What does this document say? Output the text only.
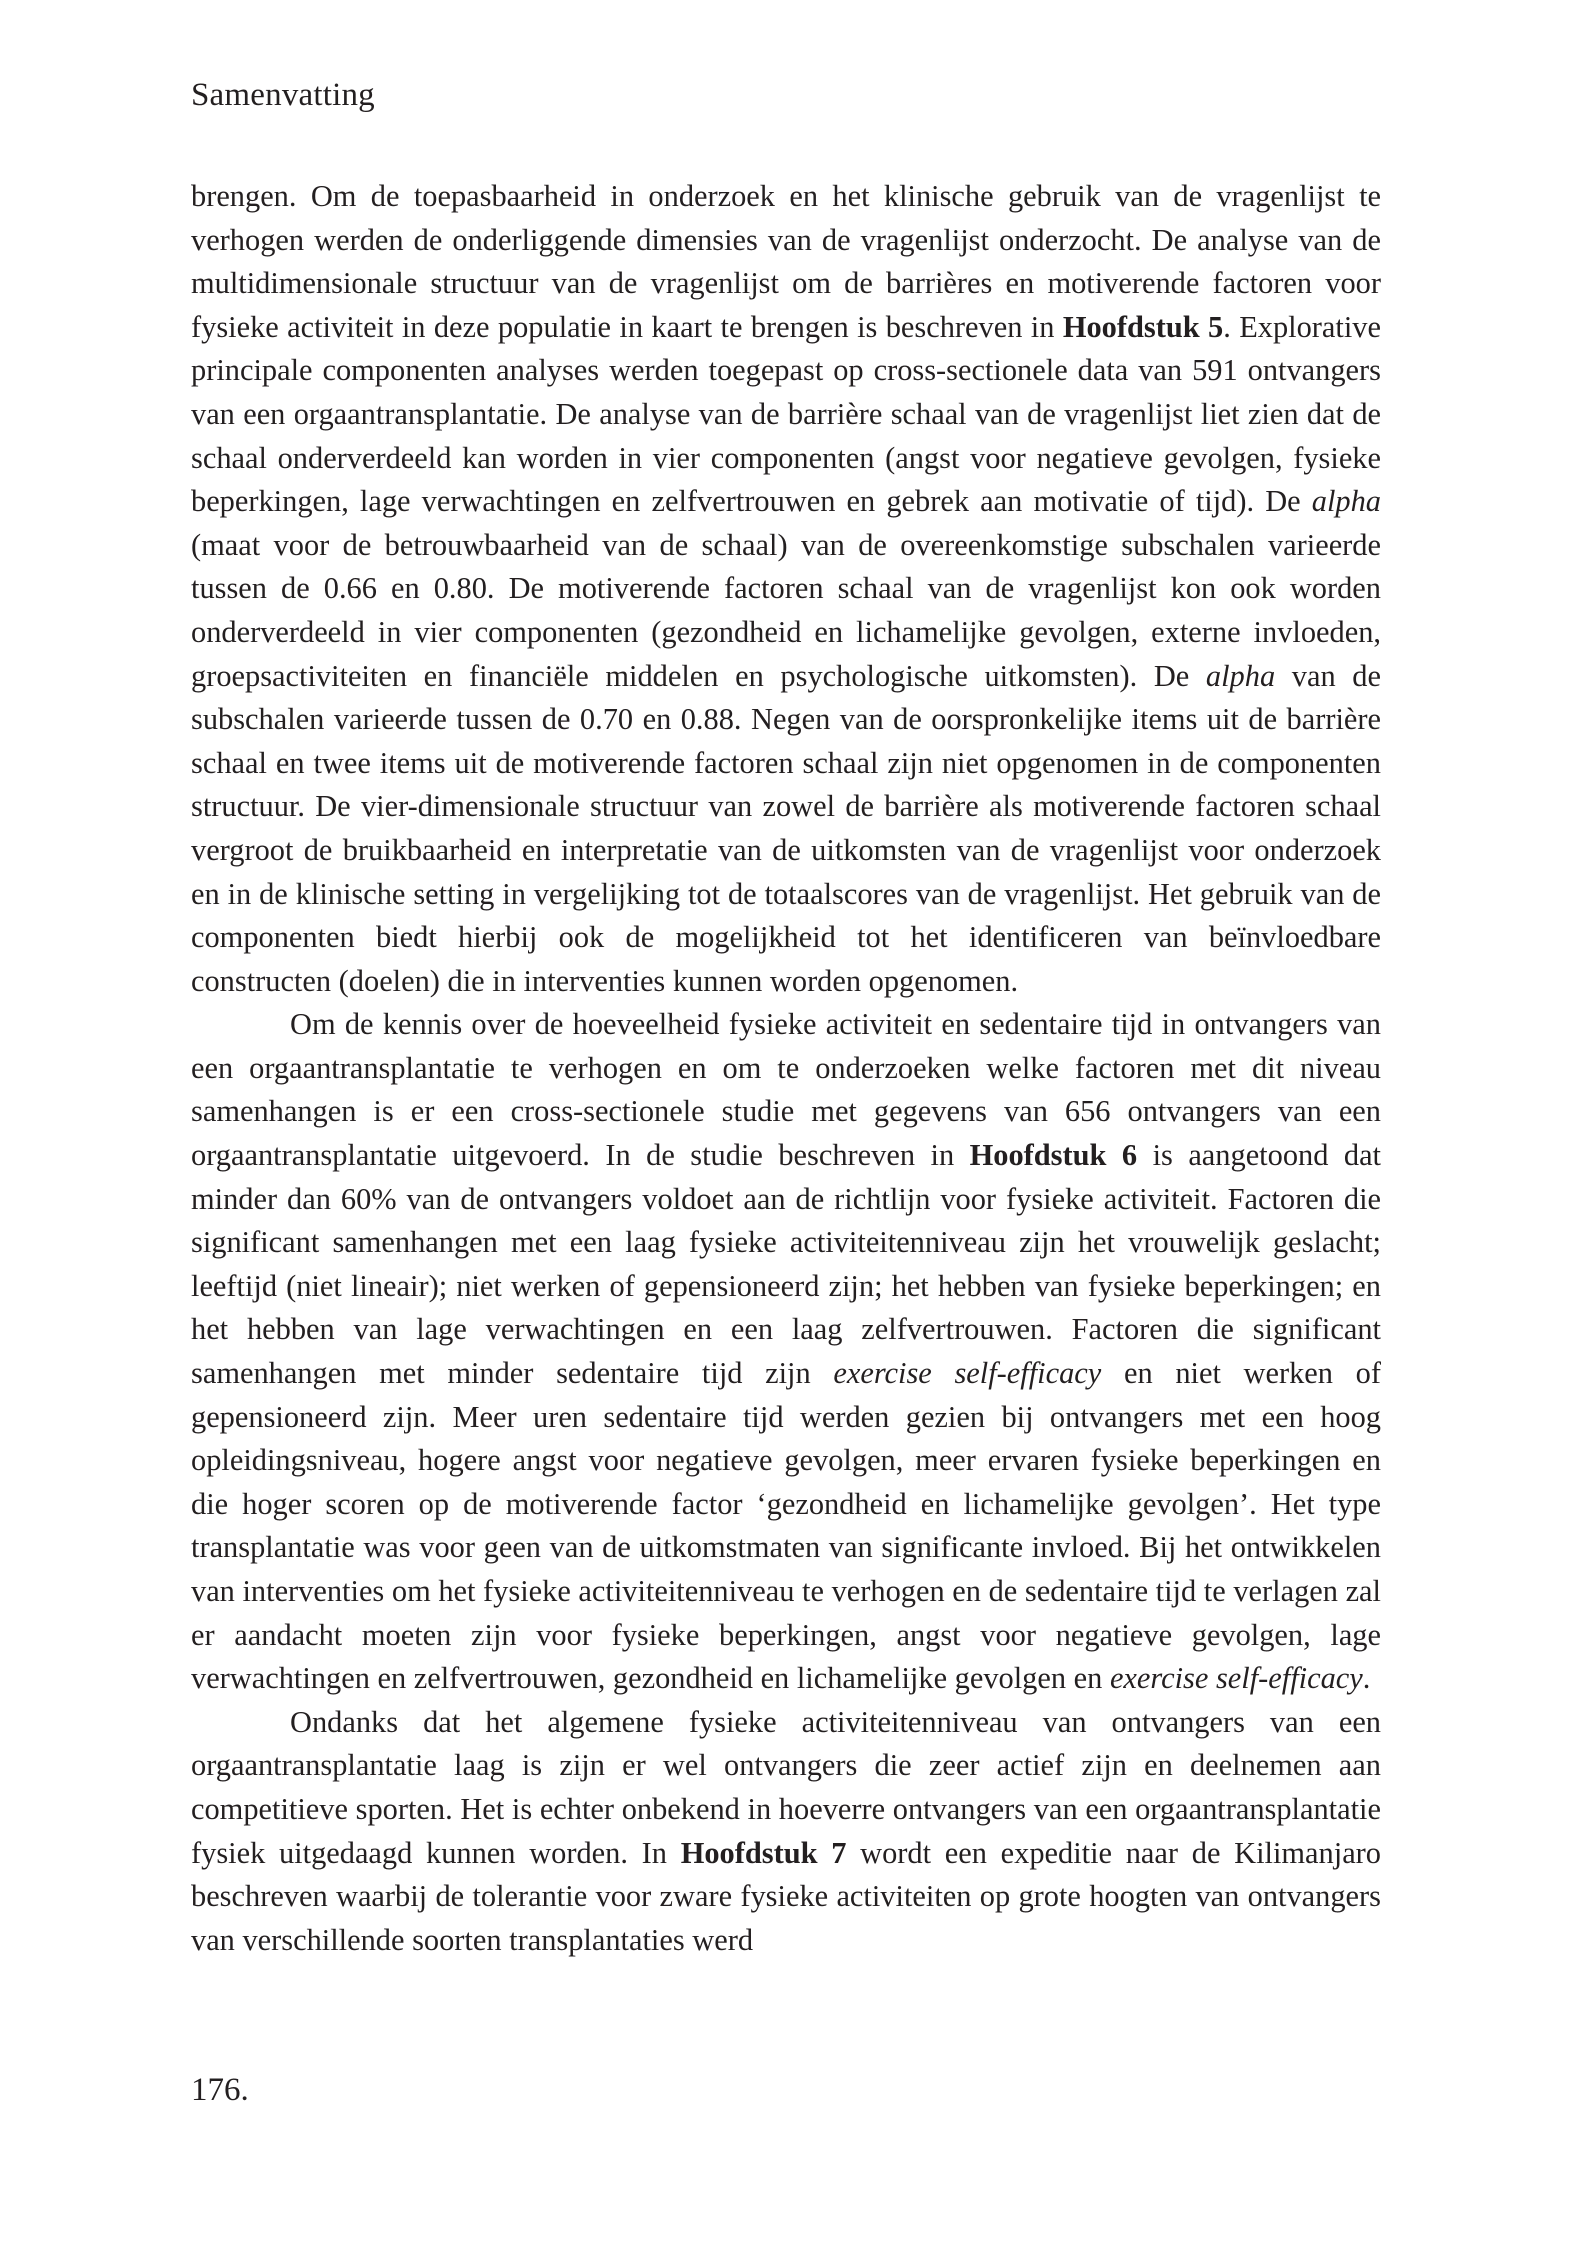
Samenvatting

brengen. Om de toepasbaarheid in onderzoek en het klinische gebruik van de vragenlijst te verhogen werden de onderliggende dimensies van de vragenlijst onderzocht. De analyse van de multidimensionale structuur van de vragenlijst om de barrières en motiverende factoren voor fysieke activiteit in deze populatie in kaart te brengen is beschreven in Hoofdstuk 5. Explorative principale componenten analyses werden toegepast op cross-sectionele data van 591 ontvangers van een orgaantransplantatie. De analyse van de barrière schaal van de vragenlijst liet zien dat de schaal onderverdeeld kan worden in vier componenten (angst voor negatieve gevolgen, fysieke beperkingen, lage verwachtingen en zelfvertrouwen en gebrek aan motivatie of tijd). De alpha (maat voor de betrouwbaarheid van de schaal) van de overeenkomstige subschalen varieerde tussen de 0.66 en 0.80. De motiverende factoren schaal van de vragenlijst kon ook worden onderverdeeld in vier componenten (gezondheid en lichamelijke gevolgen, externe invloeden, groepsactiviteiten en financiële middelen en psychologische uitkomsten). De alpha van de subschalen varieerde tussen de 0.70 en 0.88. Negen van de oorspronkelijke items uit de barrière schaal en twee items uit de motiverende factoren schaal zijn niet opgenomen in de componenten structuur. De vier-dimensionale structuur van zowel de barrière als motiverende factoren schaal vergroot de bruikbaarheid en interpretatie van de uitkomsten van de vragenlijst voor onderzoek en in de klinische setting in vergelijking tot de totaalscores van de vragenlijst. Het gebruik van de componenten biedt hierbij ook de mogelijkheid tot het identificeren van beïnvloedbare constructen (doelen) die in interventies kunnen worden opgenomen.

Om de kennis over de hoeveelheid fysieke activiteit en sedentaire tijd in ontvangers van een orgaantransplantatie te verhogen en om te onderzoeken welke factoren met dit niveau samenhangen is er een cross-sectionele studie met gegevens van 656 ontvangers van een orgaantransplantatie uitgevoerd. In de studie beschreven in Hoofdstuk 6 is aangetoond dat minder dan 60% van de ontvangers voldoet aan de richtlijn voor fysieke activiteit. Factoren die significant samenhangen met een laag fysieke activiteitenniveau zijn het vrouwelijk geslacht; leeftijd (niet lineair); niet werken of gepensioneerd zijn; het hebben van fysieke beperkingen; en het hebben van lage verwachtingen en een laag zelfvertrouwen. Factoren die significant samenhangen met minder sedentaire tijd zijn exercise self-efficacy en niet werken of gepensioneerd zijn. Meer uren sedentaire tijd werden gezien bij ontvangers met een hoog opleidingsniveau, hogere angst voor negatieve gevolgen, meer ervaren fysieke beperkingen en die hoger scoren op de motiverende factor ‘gezondheid en lichamelijke gevolgen’. Het type transplantatie was voor geen van de uitkomstmaten van significante invloed. Bij het ontwikkelen van interventies om het fysieke activiteitenniveau te verhogen en de sedentaire tijd te verlagen zal er aandacht moeten zijn voor fysieke beperkingen, angst voor negatieve gevolgen, lage verwachtingen en zelfvertrouwen, gezondheid en lichamelijke gevolgen en exercise self-efficacy.

Ondanks dat het algemene fysieke activiteitenniveau van ontvangers van een orgaantransplantatie laag is zijn er wel ontvangers die zeer actief zijn en deelnemen aan competitieve sporten. Het is echter onbekend in hoeverre ontvangers van een orgaantransplantatie fysiek uitgedaagd kunnen worden. In Hoofdstuk 7 wordt een expeditie naar de Kilimanjaro beschreven waarbij de tolerantie voor zware fysieke activiteiten op grote hoogten van ontvangers van verschillende soorten transplantaties werd

176.
